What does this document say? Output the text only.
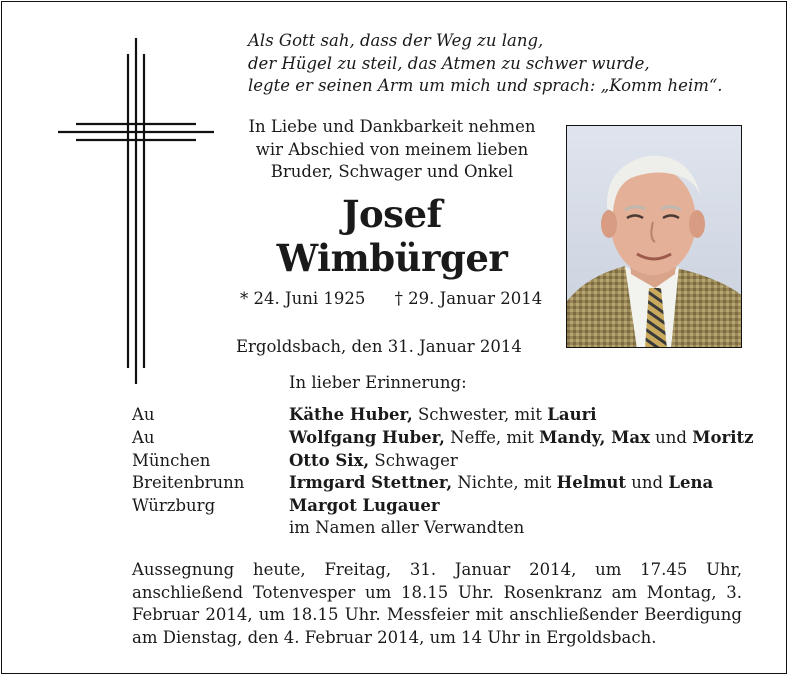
Als Gott sah, dass der Weg zu lang,
der Hügel zu steil, das Atmen zu schwer wurde,
legte er seinen Arm um mich und sprach: „Komm heim“.
In Liebe und Dankbarkeit nehmen
wir Abschied von meinem lieben
Bruder, Schwager und Onkel
Josef
Wimbürger
* 24. Juni 1925 † 29. Januar 2014
Ergoldsbach, den 31. Januar 2014
In lieber Erinnerung:
Au	Käthe Huber, Schwester, mit Lauri
Au	Wolfgang Huber, Neffe, mit Mandy, Max und Moritz
München	Otto Six, Schwager
Breitenbrunn	Irmgard Stettner, Nichte, mit Helmut und Lena
Würzburg	Margot Lugauer
im Namen aller Verwandten
Aussegnung heute, Freitag, 31. Januar 2014, um 17.45 Uhr, anschließend Totenvesper um 18.15 Uhr. Rosenkranz am Montag, 3. Februar 2014, um 18.15 Uhr. Messfeier mit anschließender Beerdigung am Dienstag, den 4. Februar 2014, um 14 Uhr in Ergoldsbach.
